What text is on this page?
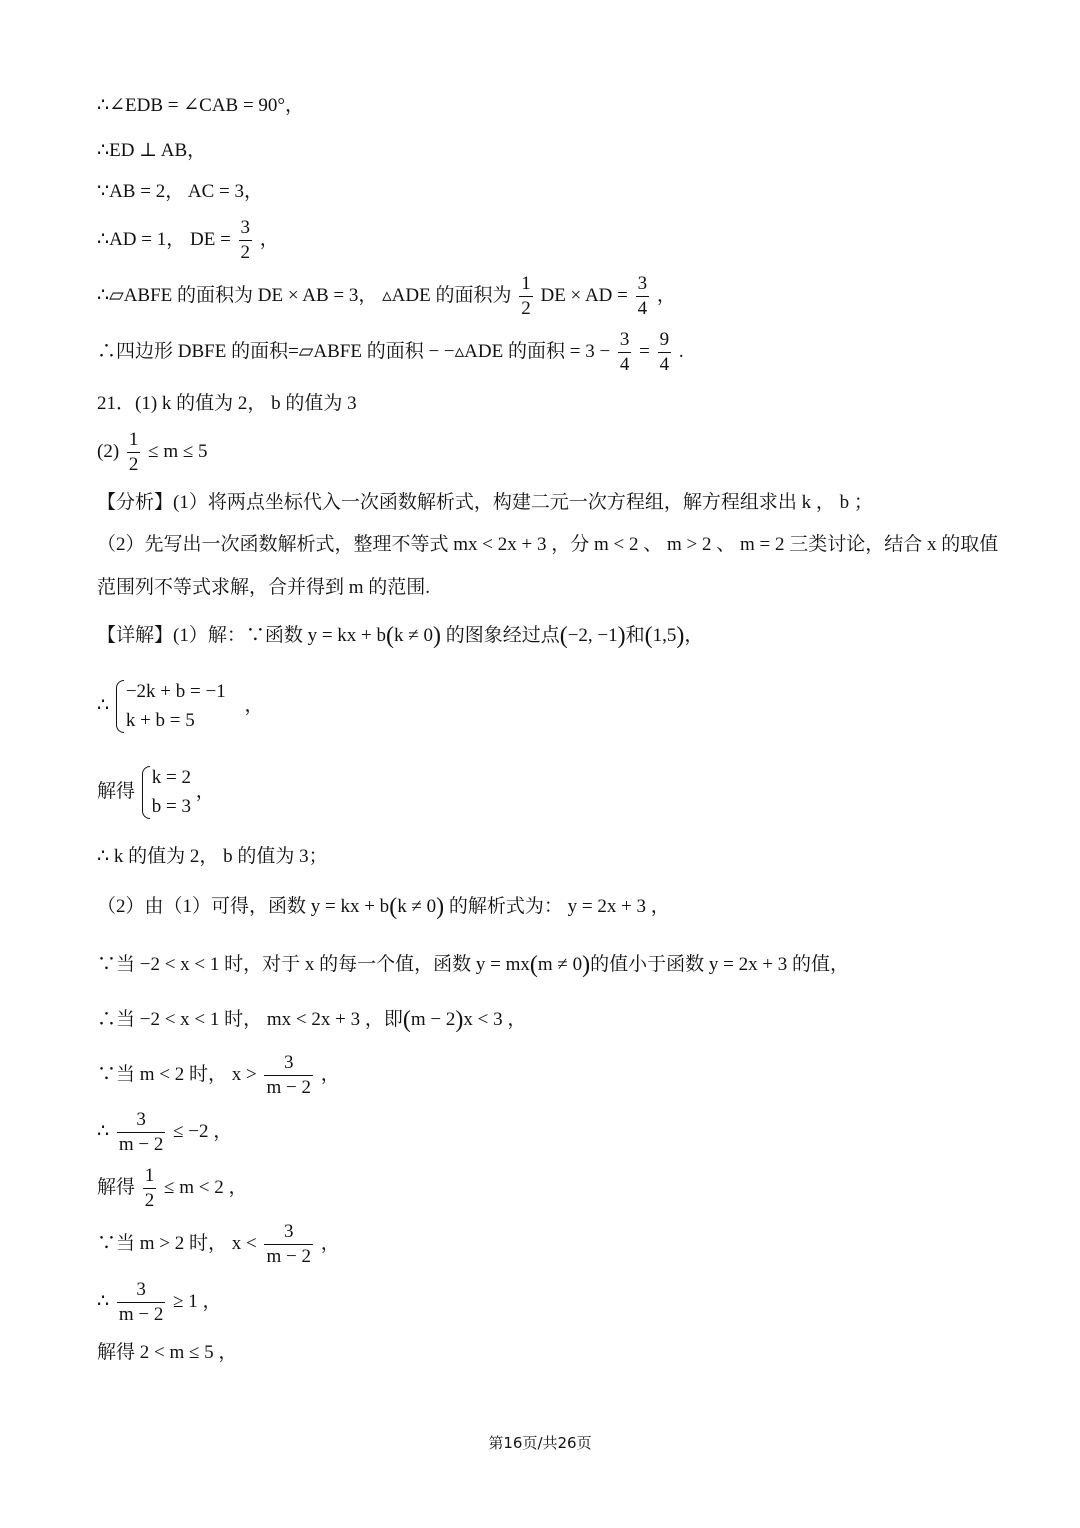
∴∠EDB = ∠CAB = 90°，
∴ED ⊥ AB，
∵AB = 2， AC = 3，
∴AD = 1， DE = $\frac{3}{2}$ ，
∴▱ABFE 的面积为 DE × AB = 3， ▵ADE 的面积为 $\frac{1}{2}$ DE × AD = $\frac{3}{4}$ ，
∴四边形 DBFE 的面积=▱ABFE 的面积 − −▵ADE 的面积 = $3 - \frac{3}{4} = \frac{9}{4}$ .
21．(1) k 的值为 2， b 的值为 3
$(2) \frac{1}{2} \le m \le 5$
【分析】(1）将两点坐标代入一次函数解析式，构建二元一次方程组，解方程组求出 k ， b ；
（2）先写出一次函数解析式，整理不等式 mx < 2x + 3 ，分 m < 2 、 m > 2 、 m = 2 三类讨论，结合 x 的取值
范围列不等式求解，合并得到 m 的范围.
【详解】(1）解：∵函数 y = kx + b(k ≠ 0) 的图象经过点(−2, −1)和(1,5)，
∴
−2k + b = −1
k + b = 5
，
解得
k = 2
b = 3
，
∴ k 的值为 2， b 的值为 3；
（2）由（1）可得，函数 y = kx + b(k ≠ 0) 的解析式为： y = 2x + 3 ，
∵当 −2 < x < 1 时，对于 x 的每一个值，函数 y = mx(m ≠ 0)的值小于函数 y = 2x + 3 的值，
∴当 −2 < x < 1 时， mx < 2x + 3 ，即(m − 2)x < 3 ，
∵当 m < 2 时， $x > \frac{3}{m - 2}$ ，
∴ $\frac{3}{m - 2} \le -2$ ，
解得 $\frac{1}{2} \le m < 2$ ，
∵当 m > 2 时， $x < \frac{3}{m - 2}$ ，
∴ $\frac{3}{m - 2} \ge 1$ ，
解得 2 < m ≤ 5 ，
第16页/共26页
